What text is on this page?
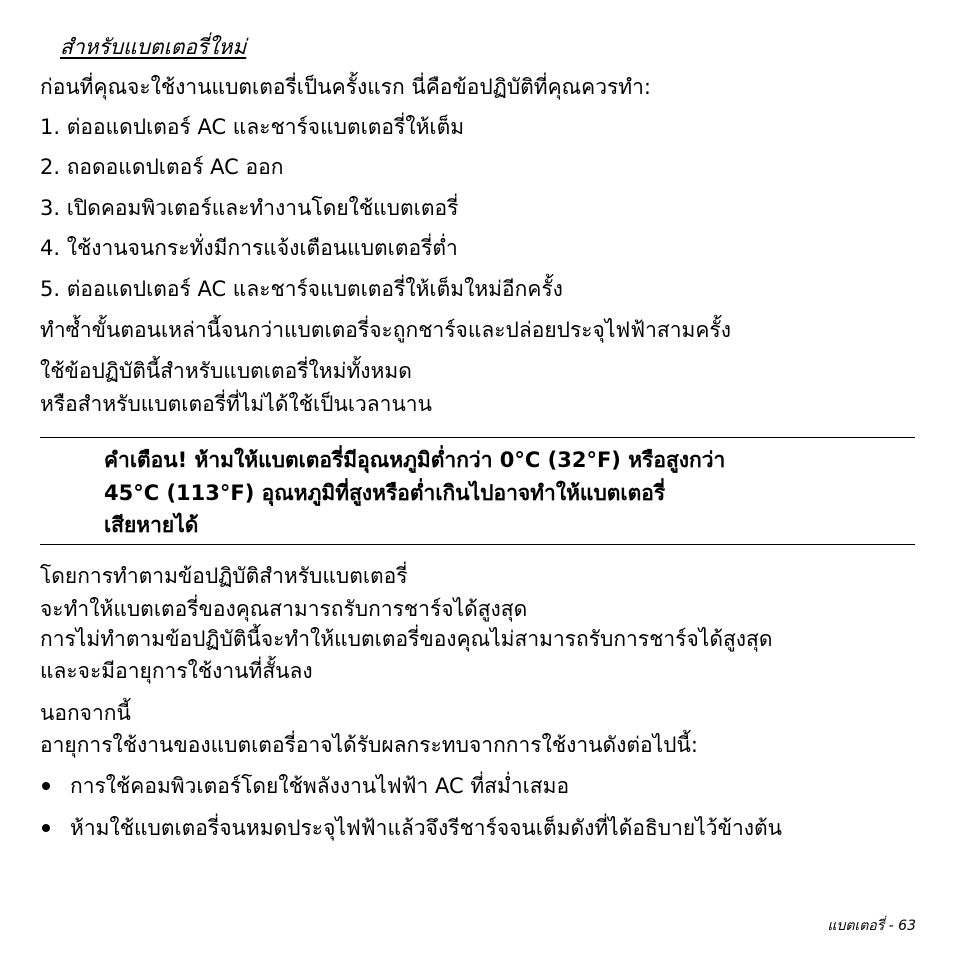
สำหรับแบตเตอรี่ใหม่
ก่อนที่คุณจะใช้งานแบตเตอรี่เป็นครั้งแรก นี่คือข้อปฏิบัติที่คุณควรทำ:
1. ต่ออแดปเตอร์ AC และชาร์จแบตเตอรี่ให้เต็ม
2. ถอดอแดปเตอร์ AC ออก
3. เปิดคอมพิวเตอร์และทำงานโดยใช้แบตเตอรี่
4. ใช้งานจนกระทั่งมีการแจ้งเตือนแบตเตอรี่ต่ำ
5. ต่ออแดปเตอร์ AC และชาร์จแบตเตอรี่ให้เต็มใหม่อีกครั้ง
ทำซ้ำขั้นตอนเหล่านี้จนกว่าแบตเตอรี่จะถูกชาร์จและปล่อยประจุไฟฟ้าสามครั้ง
ใช้ข้อปฏิบัตินี้สำหรับแบตเตอรี่ใหม่ทั้งหมด
หรือสำหรับแบตเตอรี่ที่ไม่ได้ใช้เป็นเวลานาน
คำเตือน! ห้ามให้แบตเตอรี่มีอุณหภูมิต่ำกว่า 0°C (32°F) หรือสูงกว่า
45°C (113°F) อุณหภูมิที่สูงหรือต่ำเกินไปอาจทำให้แบตเตอรี่
เสียหายได้
โดยการทำตามข้อปฏิบัติสำหรับแบตเตอรี่
จะทำให้แบตเตอรี่ของคุณสามารถรับการชาร์จได้สูงสุด
การไม่ทำตามข้อปฏิบัตินี้จะทำให้แบตเตอรี่ของคุณไม่สามารถรับการชาร์จได้สูงสุด
และจะมีอายุการใช้งานที่สั้นลง
นอกจากนี้
อายุการใช้งานของแบตเตอรี่อาจได้รับผลกระทบจากการใช้งานดังต่อไปนี้:
การใช้คอมพิวเตอร์โดยใช้พลังงานไฟฟ้า AC ที่สม่ำเสมอ
ห้ามใช้แบตเตอรี่จนหมดประจุไฟฟ้าแล้วจึงรีชาร์จจนเต็มดังที่ได้อธิบายไว้ข้างต้น
แบตเตอรี่ - 63
